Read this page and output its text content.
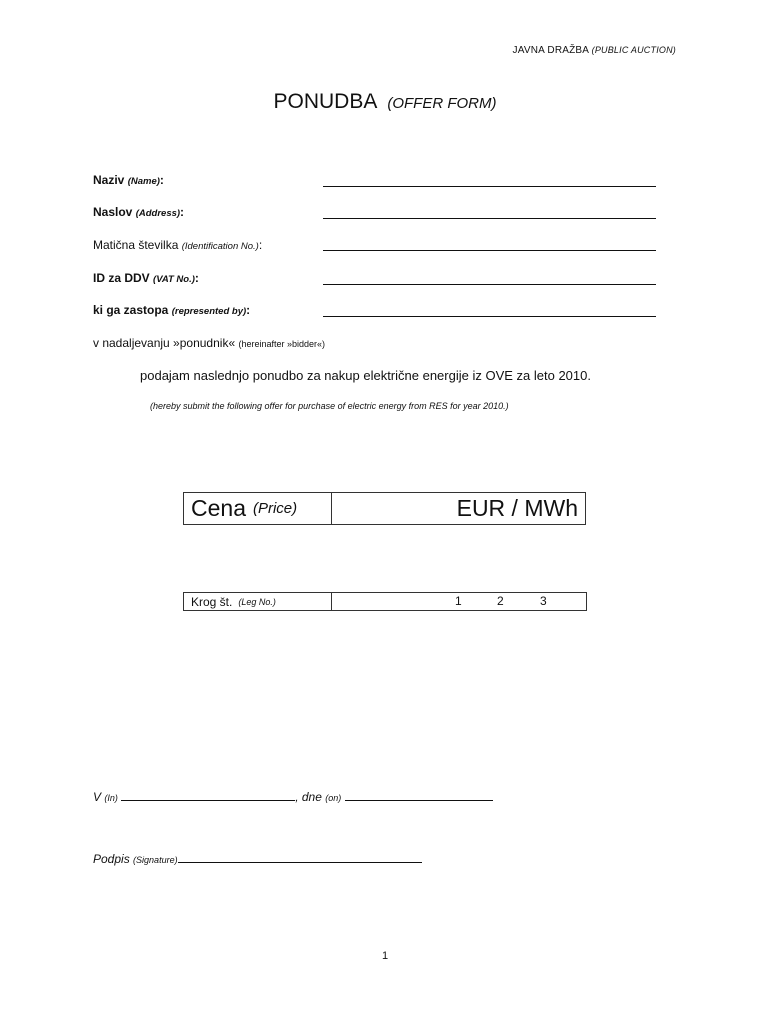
JAVNA DRAŽBA (PUBLIC AUCTION)
PONUDBA (OFFER FORM)
Naziv (Name):
Naslov (Address):
Matična številka (Identification No.):
ID za DDV (VAT No.):
ki ga zastopa (represented by):
v nadaljevanju »ponudnik« (hereinafter »bidder«)
podajam naslednjo ponudbo za nakup električne energije iz OVE za leto 2010.
(hereby submit the following offer for purchase of electric energy from RES for year 2010.)
Cena (Price)	EUR / MWh
Krog št. (Leg No.)	1	2	3
V (In)	, dne (on)
Podpis (Signature)
1
